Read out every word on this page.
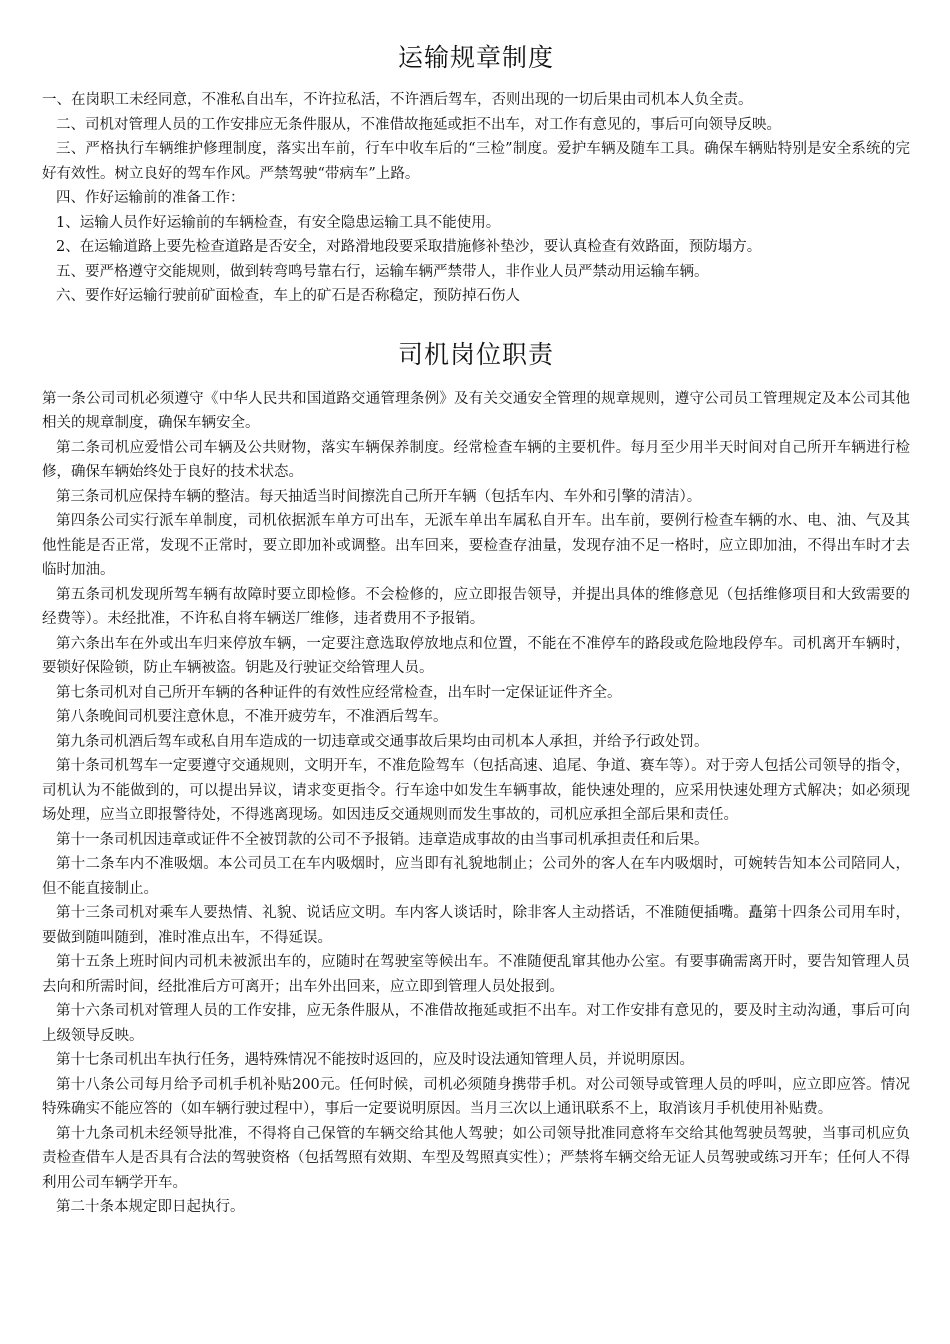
运输规章制度

一、在岗职工未经同意，不准私自出车，不许拉私活，不许酒后驾车，否则出现的一切后果由司机本人负全责。

二、司机对管理人员的工作安排应无条件服从，不准借故拖延或拒不出车，对工作有意见的，事后可向领导反映。

三、严格执行车辆维护修理制度，落实出车前，行车中收车后的“三检”制度。爱护车辆及随车工具。确保车辆贴特别是安全系统的完好有效性。树立良好的驾车作风。严禁驾驶“带病车”上路。

四、作好运输前的准备工作：

1、运输人员作好运输前的车辆检查，有安全隐患运输工具不能使用。

2、在运输道路上要先检查道路是否安全，对路滑地段要采取措施修补垫沙，要认真检查有效路面，预防塌方。

五、要严格遵守交能规则，做到转弯鸣号靠右行，运输车辆严禁带人，非作业人员严禁动用运输车辆。

六、要作好运输行驶前矿面检查，车上的矿石是否称稳定，预防掉石伤人

司机岗位职责

第一条公司司机必须遵守《中华人民共和国道路交通管理条例》及有关交通安全管理的规章规则，遵守公司员工管理规定及本公司其他相关的规章制度，确保车辆安全。

第二条司机应爱惜公司车辆及公共财物，落实车辆保养制度。经常检查车辆的主要机件。每月至少用半天时间对自己所开车辆进行检修，确保车辆始终处于良好的技术状态。

第三条司机应保持车辆的整洁。每天抽适当时间擦洗自己所开车辆（包括车内、车外和引擎的清洁）。

第四条公司实行派车单制度，司机依据派车单方可出车，无派车单出车属私自开车。出车前，要例行检查车辆的水、电、油、气及其他性能是否正常，发现不正常时，要立即加补或调整。出车回来，要检查存油量，发现存油不足一格时，应立即加油，不得出车时才去临时加油。

第五条司机发现所驾车辆有故障时要立即检修。不会检修的，应立即报告领导，并提出具体的维修意见（包括维修项目和大致需要的经费等）。未经批准，不许私自将车辆送厂维修，违者费用不予报销。

第六条出车在外或出车归来停放车辆，一定要注意选取停放地点和位置，不能在不准停车的路段或危险地段停车。司机离开车辆时，要锁好保险锁，防止车辆被盗。钥匙及行驶证交给管理人员。

第七条司机对自己所开车辆的各种证件的有效性应经常检查，出车时一定保证证件齐全。

第八条晚间司机要注意休息，不准开疲劳车，不准酒后驾车。

第九条司机酒后驾车或私自用车造成的一切违章或交通事故后果均由司机本人承担，并给予行政处罚。

第十条司机驾车一定要遵守交通规则，文明开车，不准危险驾车（包括高速、追尾、争道、赛车等）。对于旁人包括公司领导的指令，司机认为不能做到的，可以提出异议，请求变更指令。行车途中如发生车辆事故，能快速处理的，应采用快速处理方式解决；如必须现场处理，应当立即报警待处，不得逃离现场。如因违反交通规则而发生事故的，司机应承担全部后果和责任。

第十一条司机因违章或证件不全被罚款的公司不予报销。违章造成事故的由当事司机承担责任和后果。

第十二条车内不准吸烟。本公司员工在车内吸烟时，应当即有礼貌地制止；公司外的客人在车内吸烟时，可婉转告知本公司陪同人，但不能直接制止。

第十三条司机对乘车人要热情、礼貌、说话应文明。车内客人谈话时，除非客人主动搭话，不准随便插嘴。矗第十四条公司用车时，要做到随叫随到，准时准点出车，不得延误。

第十五条上班时间内司机未被派出车的，应随时在驾驶室等候出车。不准随便乱窜其他办公室。有要事确需离开时，要告知管理人员去向和所需时间，经批准后方可离开；出车外出回来，应立即到管理人员处报到。

第十六条司机对管理人员的工作安排，应无条件服从，不准借故拖延或拒不出车。对工作安排有意见的，要及时主动沟通，事后可向上级领导反映。

第十七条司机出车执行任务，遇特殊情况不能按时返回的，应及时设法通知管理人员，并说明原因。

第十八条公司每月给予司机手机补贴200元。任何时候，司机必须随身携带手机。对公司领导或管理人员的呼叫，应立即应答。情况特殊确实不能应答的（如车辆行驶过程中），事后一定要说明原因。当月三次以上通讯联系不上，取消该月手机使用补贴费。

第十九条司机未经领导批准，不得将自己保管的车辆交给其他人驾驶；如公司领导批准同意将车交给其他驾驶员驾驶，当事司机应负责检查借车人是否具有合法的驾驶资格（包括驾照有效期、车型及驾照真实性）；严禁将车辆交给无证人员驾驶或练习开车；任何人不得利用公司车辆学开车。

第二十条本规定即日起执行。
